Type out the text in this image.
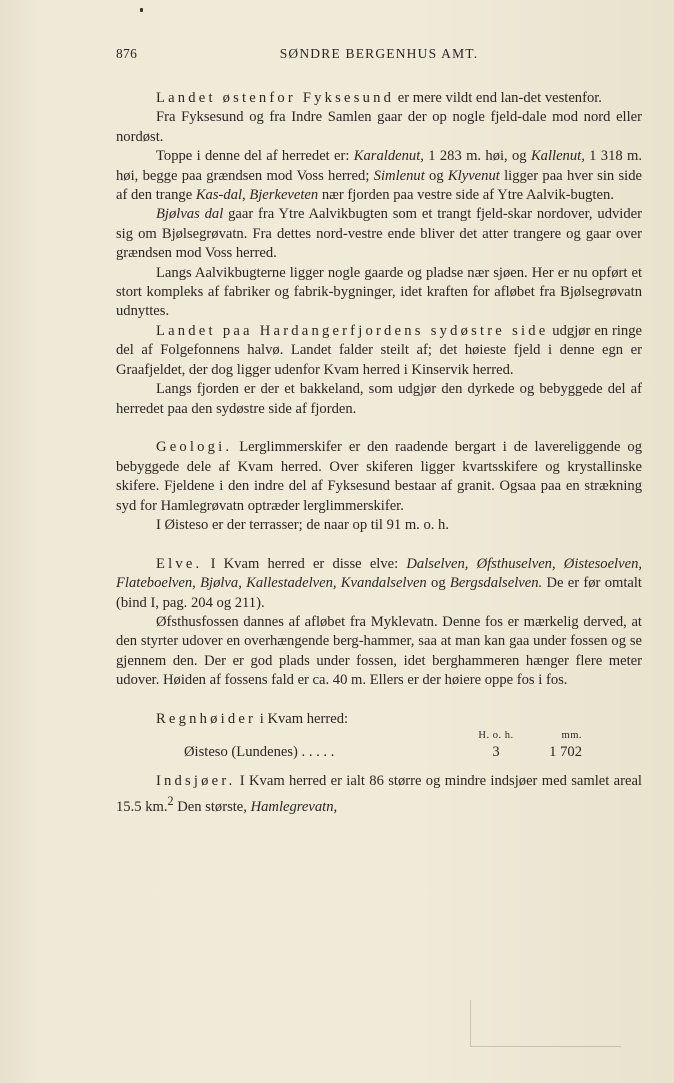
876	SØNDRE BERGENHUS AMT.

Landet østenfor Fyksesund er mere vildt end lan-det vestenfor.

Fra Fyksesund og fra Indre Samlen gaar der op nogle fjeld-dale mod nord eller nordøst.

Toppe i denne del af herredet er: Karaldenut, 1 283 m. høi, og Kallenut, 1 318 m. høi, begge paa grændsen mod Voss herred; Simlenut og Klyvenut ligger paa hver sin side af den trange Kas-dal, Bjerkeveten nær fjorden paa vestre side af Ytre Aalvik-bugten.

Bjølvas dal gaar fra Ytre Aalvikbugten som et trangt fjeld-skar nordover, udvider sig om Bjølsegrøvatn. Fra dettes nord-vestre ende bliver det atter trangere og gaar over grændsen mod Voss herred.

Langs Aalvikbugterne ligger nogle gaarde og pladse nær sjøen. Her er nu opført et stort kompleks af fabriker og fabrik-bygninger, idet kraften for afløbet fra Bjølsegrøvatn udnyttes.

Landet paa Hardangerfjordens sydøstre side udgjør en ringe del af Folgefonnens halvø. Landet falder steilt af; det høieste fjeld i denne egn er Graafjeldet, der dog ligger udenfor Kvam herred i Kinservik herred.

Langs fjorden er der et bakkeland, som udgjør den dyrkede og bebyggede del af herredet paa den sydøstre side af fjorden.

Geologi. Lerglimmerskifer er den raadende bergart i de lavereliggende og bebyggede dele af Kvam herred. Over skiferen ligger kvartsskifere og krystallinske skifere. Fjeldene i den indre del af Fyksesund bestaar af granit. Ogsaa paa en strækning syd for Hamlegrøvatn optræder lerglimmerskifer.

I Øisteso er der terrasser; de naar op til 91 m. o. h.

Elve. I Kvam herred er disse elve: Dalselven, Øfsthuselven, Øistesoelven, Flateboelven, Bjølva, Kallestadelven, Kvandalselven og Bergsdalselven. De er før omtalt (bind I, pag. 204 og 211).

Øfsthusfossen dannes af afløbet fra Myklevatn. Denne fos er mærkelig derved, at den styrter udover en overhængende berg-hammer, saa at man kan gaa under fossen og se gjennem den. Der er god plads under fossen, idet berghammeren hænger flere meter udover. Høiden af fossens fald er ca. 40 m. Ellers er der høiere oppe fos i fos.

Regnhøider i Kvam herred:

	H. o. h.	mm.
Øisteso (Lundenes) . . . . .	3	1 702

Indsjøer. I Kvam herred er ialt 86 større og mindre indsjøer med samlet areal 15.5 km.$^2$ Den største, Hamlegrevatn,
